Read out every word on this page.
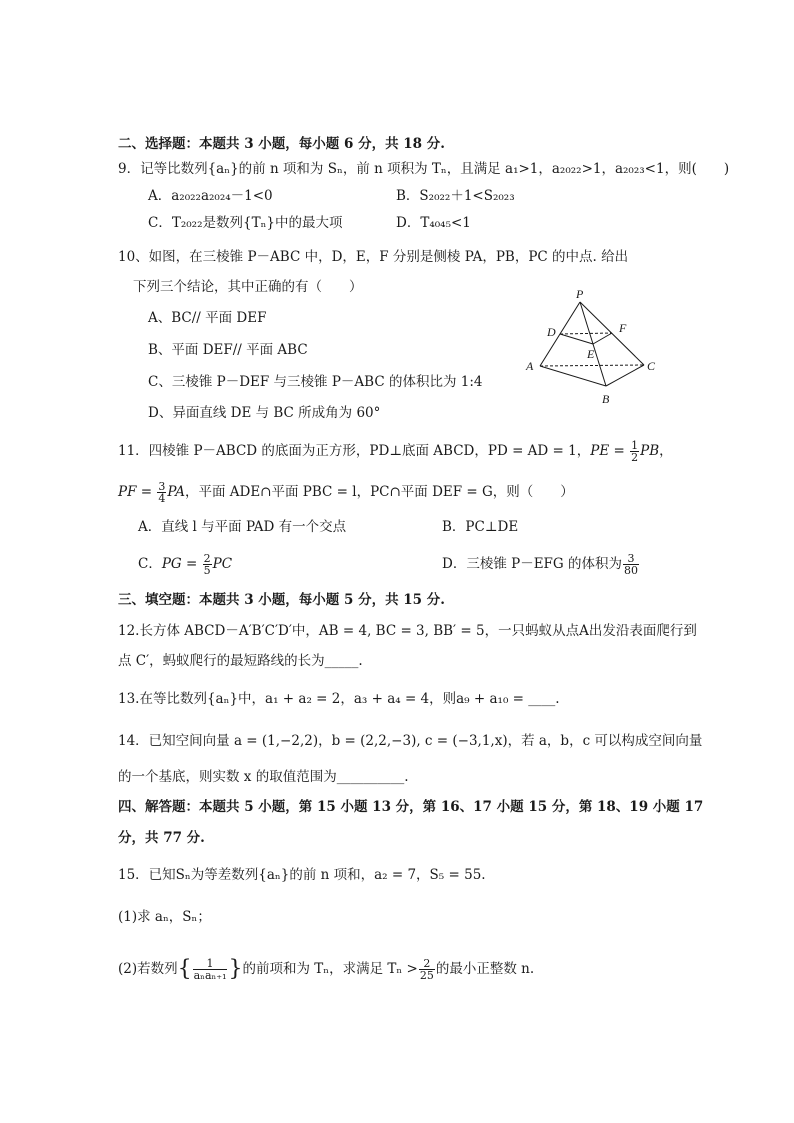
二、选择题：本题共 3 小题，每小题 6 分，共 18 分.
9．记等比数列{aₙ}的前 n 项和为 Sₙ，前 n 项积为 Tₙ，且满足 a₁>1，a₂₀₂₂>1，a₂₀₂₃<1，则(　　)
A．a₂₀₂₂a₂₀₂₄－1<0	B．S₂₀₂₂＋1<S₂₀₂₃
C．T₂₀₂₂是数列{Tₙ}中的最大项	D．T₄₀₄₅<1
10、如图，在三棱锥 P－ABC 中，D，E，F 分别是侧棱 PA，PB，PC 的中点. 给出
下列三个结论，其中正确的有（　　）
A、BC// 平面 DEF
B、平面 DEF// 平面 ABC
C、三棱锥 P－DEF 与三棱锥 P－ABC 的体积比为 1:4
D、异面直线 DE 与 BC 所成角为 60°
P
D	F
E
A
B
C
11．四棱锥 P－ABCD 的底面为正方形，PD⊥底面 ABCD，PD = AD = 1，PE = $\frac{1}{2}$ PB，
PF = $\frac{3}{4}$ PA，平面 ADE∩平面 PBC = l，PC∩平面 DEF = G，则（　　）
A．直线 l 与平面 PAD 有一个交点	B．PC⊥DE
C．PG = $\frac{2}{5}$ PC	D．三棱锥 P－EFG 的体积为 $\frac{3}{80}$
三、填空题：本题共 3 小题，每小题 5 分，共 15 分.
12.长方体 ABCD－A′B′C′D′中，AB = 4, BC = 3, BB′ = 5，一只蚂蚁从点A出发沿表面爬行到
点 C′，蚂蚁爬行的最短路线的长为_____.
13.在等比数列{aₙ}中，a₁ + a₂ = 2，a₃ + a₄ = 4，则a₉ + a₁₀ = ____.
14．已知空间向量 a = (1,−2,2)，b = (2,2,−3), c = (−3,1,x)，若 a，b，c 可以构成空间向量
的一个基底，则实数 x 的取值范围为__________.
四、解答题：本题共 5 小题，第 15 小题 13 分，第 16、17 小题 15 分，第 18、19 小题 17
分，共 77 分.
15．已知Sₙ为等差数列{aₙ}的前 n 项和，a₂ = 7，S₅ = 55.
(1)求 aₙ，Sₙ；
(2)若数列{ $\frac{1}{\text{aₙaₙ₊₁}}$ }的前项和为 Tₙ，求满足 $T_n > \frac{2}{25}$ 的最小正整数 n.
